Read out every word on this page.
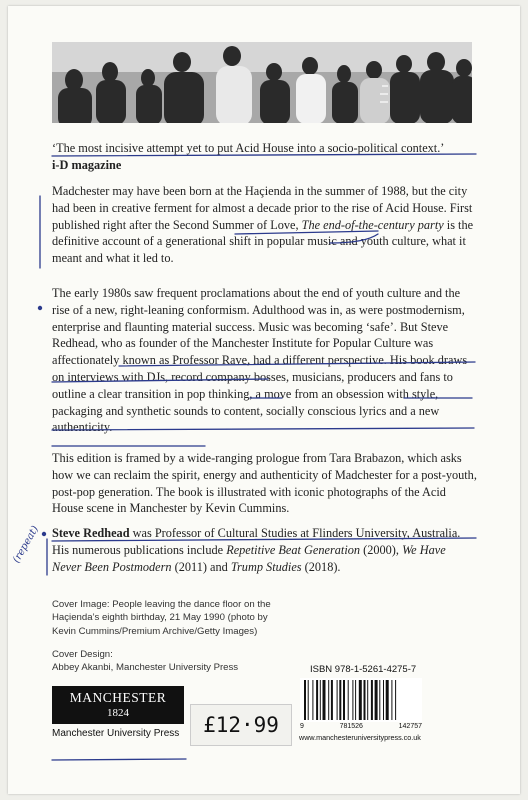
‘The most incisive attempt yet to put Acid House into a socio-political context.’
i-D magazine

Madchester may have been born at the Haçienda in the summer of 1988, but the city had been in creative ferment for almost a decade prior to the rise of Acid House. First published right after the Second Summer of Love, The end-of-the-century party is the definitive account of a generational shift in popular music and youth culture, what it meant and what it led to.

The early 1980s saw frequent proclamations about the end of youth culture and the rise of a new, right-leaning conformism. Adulthood was in, as were postmodernism, enterprise and flaunting material success. Music was becoming ‘safe’. But Steve Redhead, who as founder of the Manchester Institute for Popular Culture was affectionately known as Professor Rave, had a different perspective. His book draws on interviews with DJs, record company bosses, musicians, producers and fans to outline a clear transition in pop thinking, a move from an obsession with style, packaging and synthetic sounds to content, socially conscious lyrics and a new authenticity.

This edition is framed by a wide-ranging prologue from Tara Brabazon, which asks how we can reclaim the spirit, energy and authenticity of Madchester for a post-youth, post-pop generation. The book is illustrated with iconic photographs of the Acid House scene in Manchester by Kevin Cummins.

Steve Redhead was Professor of Cultural Studies at Flinders University, Australia. His numerous publications include Repetitive Beat Generation (2000), We Have Never Been Postmodern (2011) and Trump Studies (2018).

Cover Image: People leaving the dance floor on the
Haçienda’s eighth birthday, 21 May 1990 (photo by
Kevin Cummins/Premium Archive/Getty Images)

Cover Design:
Abbey Akanbi, Manchester University Press

MANCHESTER
1824
Manchester University Press	£12·99
ISBN 978-1-5261-4275-7
9	781526	142757
www.manchesteruniversitypress.co.uk
(repeat)
